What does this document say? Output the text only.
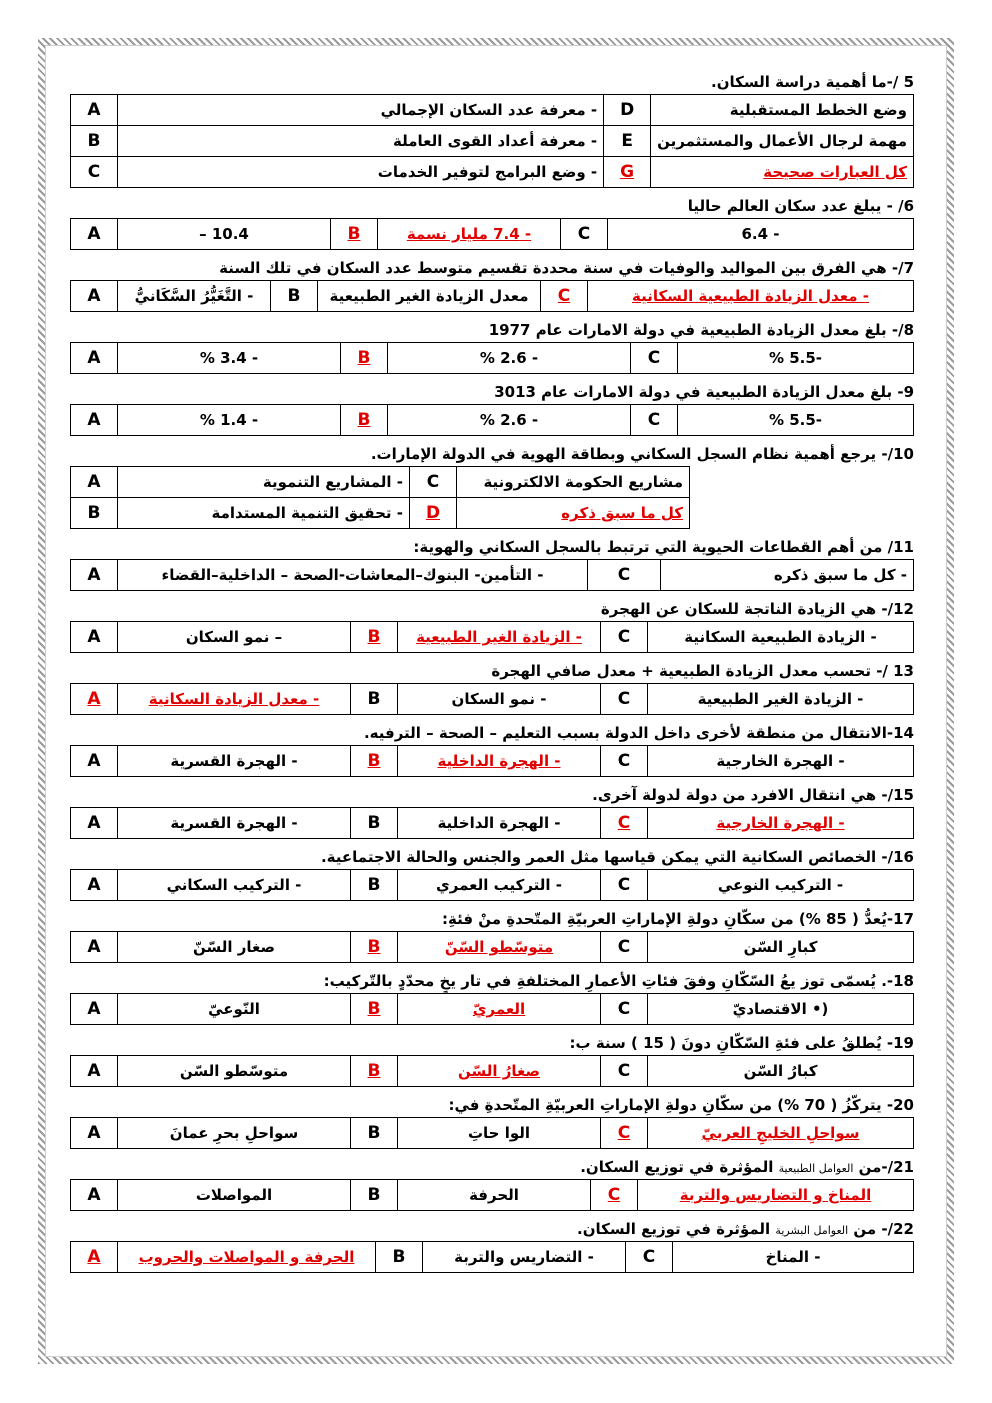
5 /-ما أهمية دراسة السكان.
وضع الخطط المستقبلية	D	- معرفة عدد السكان الإجمالي	A
مهمة لرجال الأعمال والمستثمرين	E	- معرفة أعداد القوى العاملة	B
كل العبارات صحيحة	G	- وضع البرامج لتوفير الخدمات	C
6/ - يبلغ عدد سكان العالم حاليا
- 6.4	C	- 7.4 مليار نسمة	B	10.4 –	A
7/- هي الفرق بين المواليد والوفيات في سنة محددة تقسيم متوسط عدد السكان في تلك السنة
- معدل الزيادة الطبيعية السكانية	C	معدل الزيادة الغير الطبيعية	B	- التَّغَيُّرُ السَّكَانيُّ	A
8/- بلغ معدل الزيادة الطبيعية في دولة الامارات عام 1977
-5.5 %	C	- 2.6 %	B	- 3.4 %	A
9- بلغ معدل الزيادة الطبيعية في دولة الامارات عام 3013
-5.5 %	C	- 2.6 %	B	- 1.4 %	A
10/- يرجع أهمية نظام السجل السكاني وبطاقة الهوية في الدولة الإمارات.
مشاريع الحكومة الالكترونية	C	- المشاريع التنموية	A
كل ما سبق ذكره	D	- تحقيق التنمية المستدامة	B
11/ من أهم القطاعات الحيوية التي ترتبط بالسجل السكاني والهوية:
- كل ما سبق ذكره	C	- التأمين- البنوك–المعاشات-الصحة – الداخلية–القضاء	A
12/- هي الزيادة الناتجة للسكان عن الهجرة
- الزيادة الطبيعية السكانية	C	- الزيادة الغير الطبيعية	B	– نمو السكان	A
13 /- تحسب معدل الزيادة الطبيعية + معدل صافي الهجرة
- الزيادة الغير الطبيعية	C	- نمو السكان	B	- معدل الزيادة السكانية	A
14-الانتقال من منطقة لأخرى داخل الدولة بسبب التعليم – الصحة – الترفيه.
- الهجرة الخارجية	C	- الهجرة الداخلية	B	- الهجرة القسرية	A
15/- هي انتقال الافرد من دولة لدولة آخرى.
- الهجرة الخارجية	C	- الهجرة الداخلية	B	- الهجرة القسرية	A
16/- الخصائص السكانية التي يمكن قياسها مثل العمر والجنس والحالة الاجتماعية.
- التركيب النوعي	C	- التركيب العمري	B	- التركيب السكاني	A
17-يُعدُّ ( 85 %) من سكّانِ دولةِ الإماراتِ العربيّةِ المتّحدةِ منْ فئةِ:
كبارِ السّن	C	متوسّطو السّنّ	B	صغار السّنّ	A
18-. يُسمّى توز يعُ السّكّانِ وفقَ فئاتِ الأعمارِ المختلفةِ في تار يخٍ محدّدٍ بالتّركيب:
(• الاقتصاديّ	C	العمريّ	B	النّوعيّ	A
19- يُطلقُ على فئةِ السّكّانِ دونَ ( 15 ) سنة ب:
كبارُ السّن	C	صغارُ السّن	B	متوسّطو السّن	A
20- يتركّزُ ( 70 %) من سكّانِ دولةِ الإماراتِ العربيّةِ المتّحدةِ في:
سواحلِ الخليجِ العربيّ	C	الوا حاتِ	B	سواحلِ بحرِ عمانَ	A
21/-من العوامل الطبيعية المؤثرة في توزيع السكان.
المناخ و التضاريس والتربة	C	الحرفة	B	المواصلات	A
22/- من العوامل البشرية المؤثرة في توزيع السكان.
- المناخ	C	- التضاريس والتربة	B	الحرفة و المواصلات والحروب	A
